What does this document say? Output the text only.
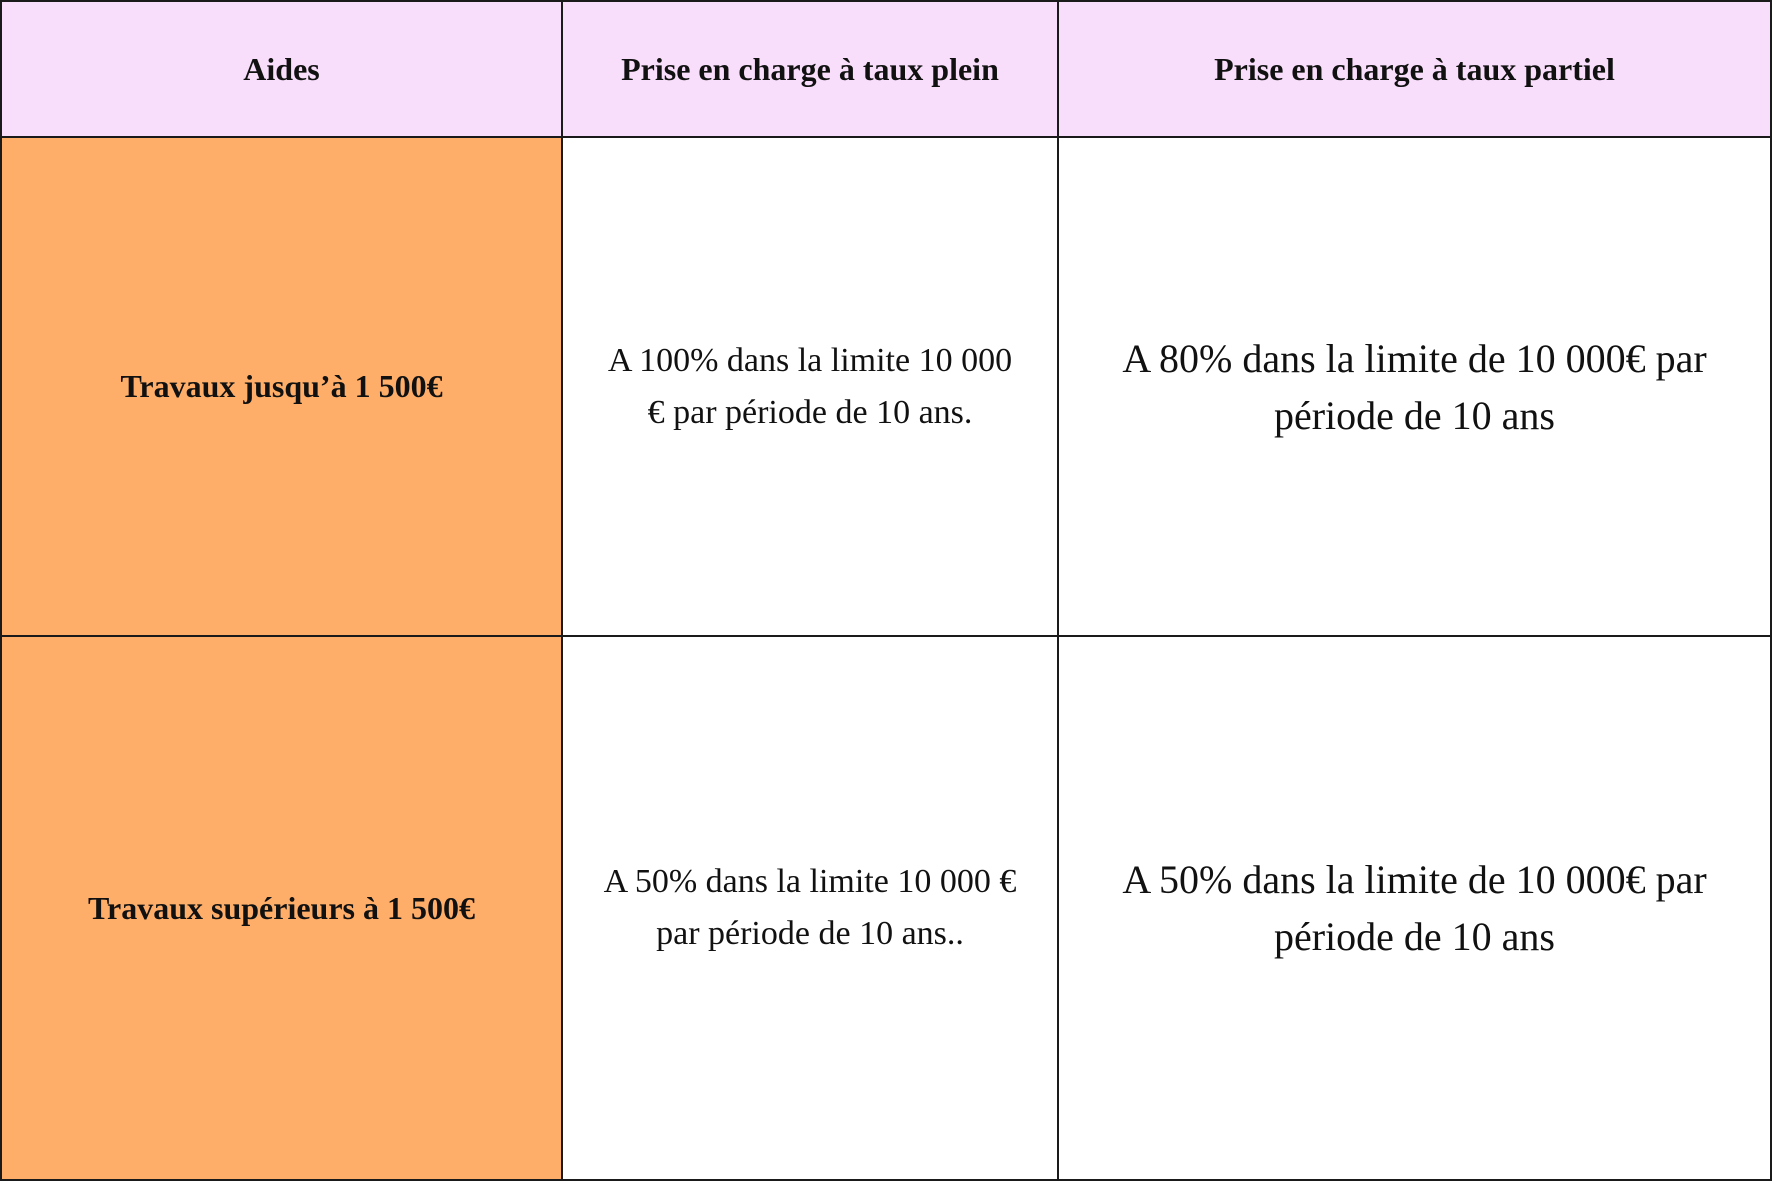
Aides	Prise en charge à taux plein	Prise en charge à taux partiel
Travaux jusqu’à 1 500€
A 100% dans la limite 10 000
€ par période de 10 ans.
A 80% dans la limite de 10 000€ par
période de 10 ans
Travaux supérieurs à 1 500€
A 50% dans la limite 10 000 €
par période de 10 ans..
A 50% dans la limite de 10 000€ par
période de 10 ans
